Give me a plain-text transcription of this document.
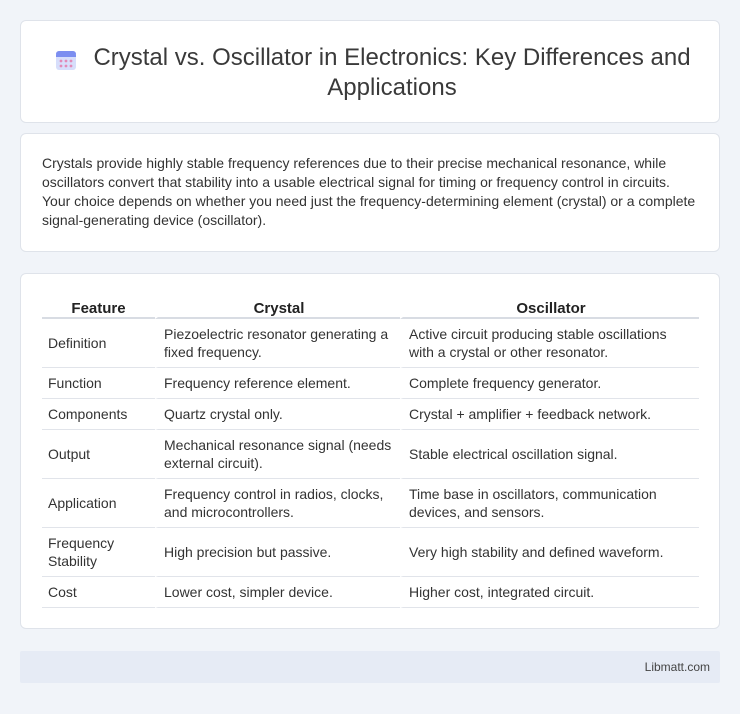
Crystal vs. Oscillator in Electronics: Key Differences and Applications

Crystals provide highly stable frequency references due to their precise mechanical resonance, while oscillators convert that stability into a usable electrical signal for timing or frequency control in circuits. Your choice depends on whether you need just the frequency-determining element (crystal) or a complete signal-generating device (oscillator).

Feature	Crystal	Oscillator
Definition	Piezoelectric resonator generating a fixed frequency.	Active circuit producing stable oscillations with a crystal or other resonator.
Function	Frequency reference element.	Complete frequency generator.
Components	Quartz crystal only.	Crystal + amplifier + feedback network.
Output	Mechanical resonance signal (needs external circuit).	Stable electrical oscillation signal.
Application	Frequency control in radios, clocks, and microcontrollers.	Time base in oscillators, communication devices, and sensors.
Frequency Stability	High precision but passive.	Very high stability and defined waveform.
Cost	Lower cost, simpler device.	Higher cost, integrated circuit.
Libmatt.com
